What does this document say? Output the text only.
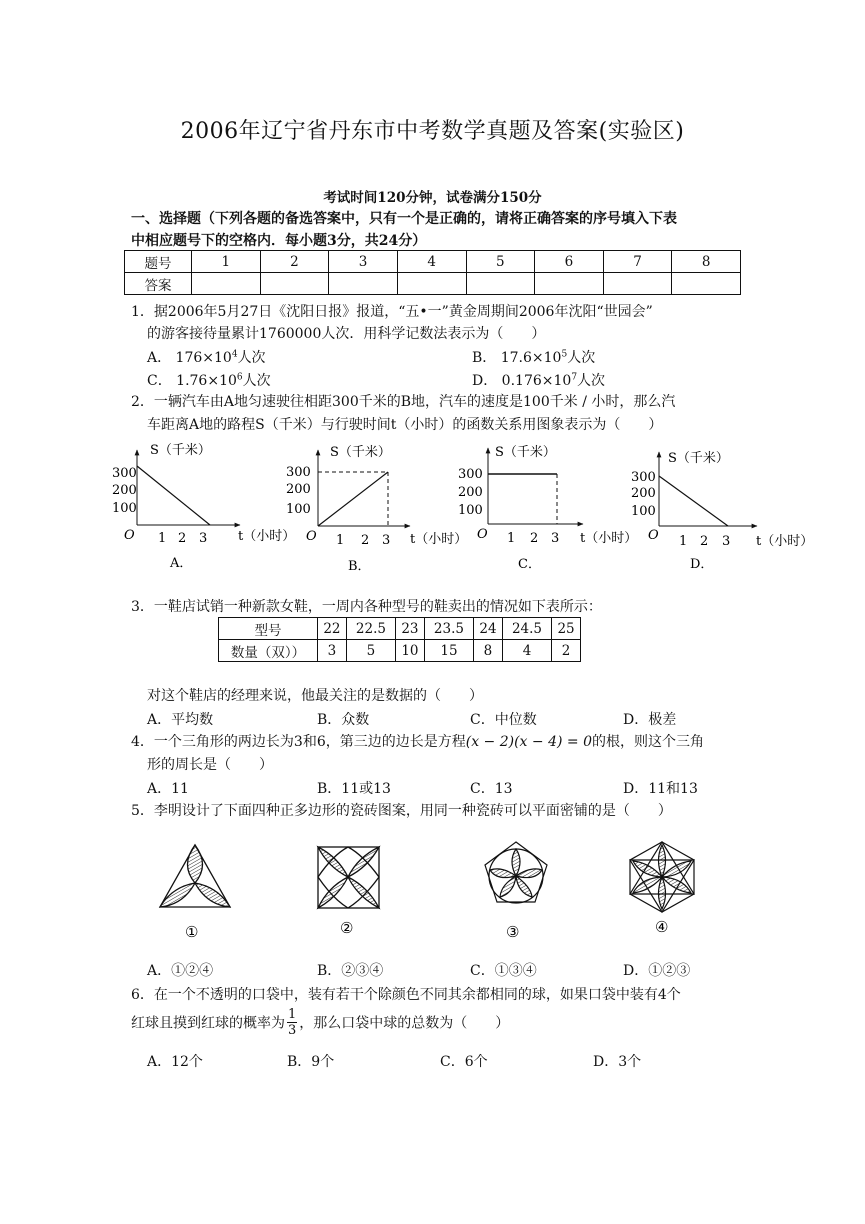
2006年辽宁省丹东市中考数学真题及答案(实验区)
考试时间120分钟，试卷满分150分
一、选择题（下列各题的备选答案中，只有一个是正确的，请将正确答案的序号填入下表
中相应题号下的空格内．每小题3分，共24分）
题号	1	2	3	4	5	6	7	8
答案								
1．据2006年5月27日《沈阳日报》报道，“五•一”黄金周期间2006年沈阳“世园会”
的游客接待量累计1760000人次．用科学记数法表示为（　　）
A． $176\times 10^4$人次	B． $17.6\times 10^5$人次
C． $1.76\times 10^6$人次	D． $0.176\times 10^7$人次
2．一辆汽车由A地匀速驶往相距300千米的B地，汽车的速度是100千米 / 小时，那么汽
车距离A地的路程S（千米）与行驶时间t（小时）的函数关系用图象表示为（　　）
S（千米）
300
200
100
O 1 2 3 t（小时）
A．
S（千米）
300
200
100
O 1 2 3 t（小时）
B．
S（千米）
300
200
100
O 1 2 3 t（小时）
C．
S（千米）
300
200
100
O 1 2 3 t（小时）
D．
3．一鞋店试销一种新款女鞋，一周内各种型号的鞋卖出的情况如下表所示：
型号	22	22.5	23	23.5	24	24.5	25
数量（双））	3	5	10	15	8	4	2
对这个鞋店的经理来说，他最关注的是数据的（　　）
A．平均数	B．众数	C．中位数	D．极差
4．一个三角形的两边长为3和6，第三边的边长是方程(x − 2)(x − 4) = 0的根，则这个三角
形的周长是（　　）
A．11	B．11或13	C．13	D．11和13
5．李明设计了下面四种正多边形的瓷砖图案，用同一种瓷砖可以平面密铺的是（　　）
①	②	③	④
A．①②④	B．②③④	C．①③④	D．①②③
6．在一个不透明的口袋中，装有若干个除颜色不同其余都相同的球，如果口袋中装有4个
红球且摸到红球的概率为 $\frac{1}{3}$ ，那么口袋中球的总数为（　　）
A．12个	B．9个	C．6个	D．3个
